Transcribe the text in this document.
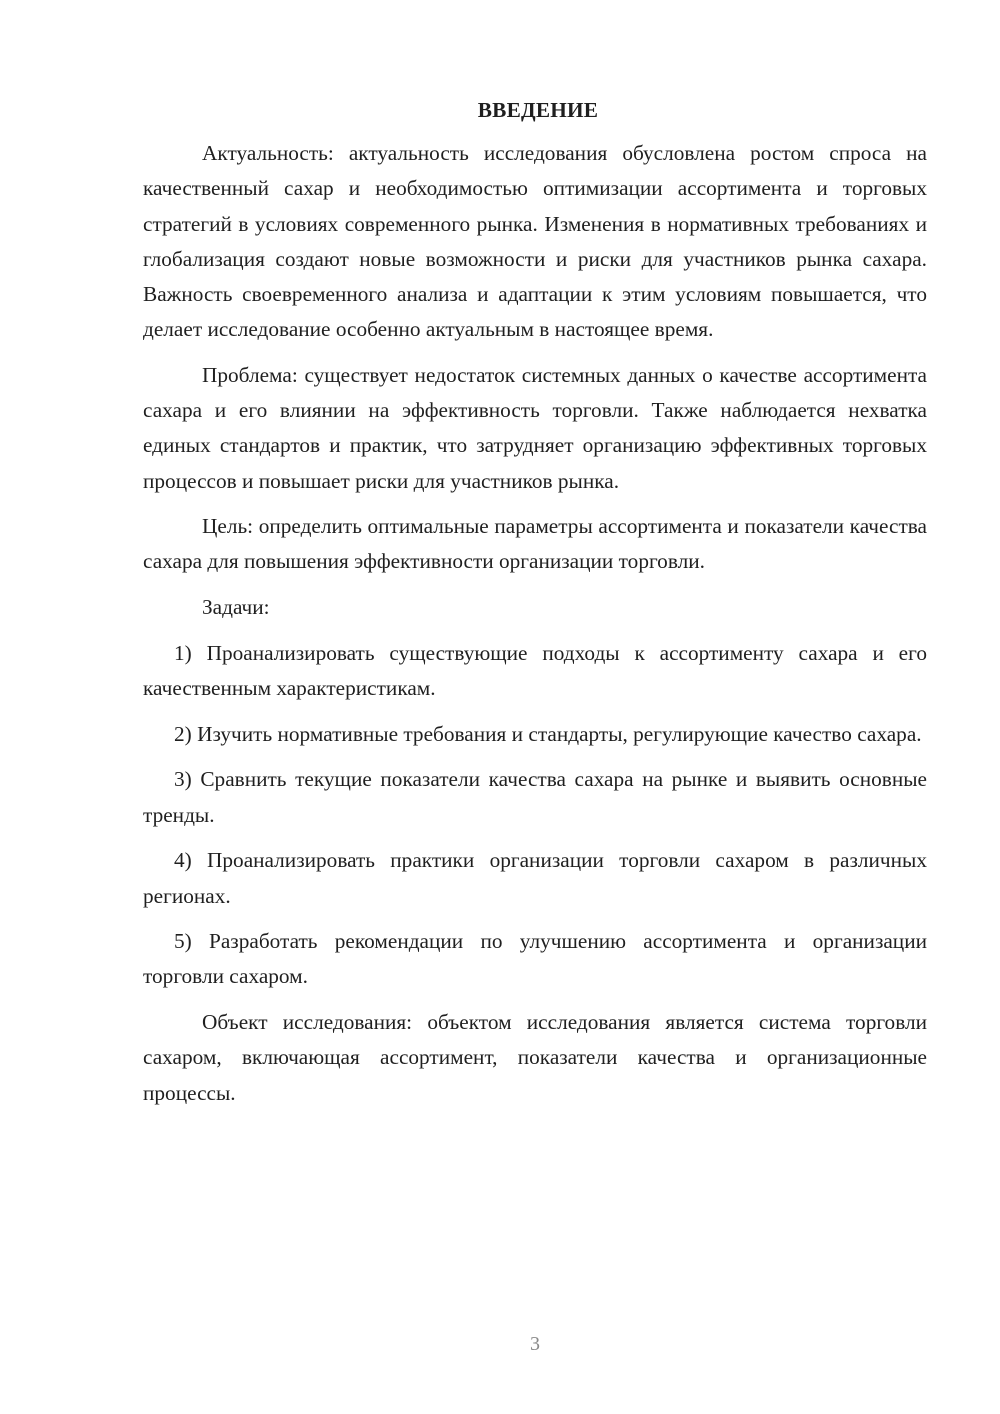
ВВЕДЕНИЕ

Актуальность: актуальность исследования обусловлена ростом спроса на качественный сахар и необходимостью оптимизации ассортимента и торговых стратегий в условиях современного рынка. Изменения в нормативных требованиях и глобализация создают новые возможности и риски для участников рынка сахара. Важность своевременного анализа и адаптации к этим условиям повышается, что делает исследование особенно актуальным в настоящее время.

Проблема: существует недостаток системных данных о качестве ассортимента сахара и его влиянии на эффективность торговли. Также наблюдается нехватка единых стандартов и практик, что затрудняет организацию эффективных торговых процессов и повышает риски для участников рынка.

Цель: определить оптимальные параметры ассортимента и показатели качества сахара для повышения эффективности организации торговли.

Задачи:

1) Проанализировать существующие подходы к ассортименту сахара и его качественным характеристикам.

2) Изучить нормативные требования и стандарты, регулирующие качество сахара.

3) Сравнить текущие показатели качества сахара на рынке и выявить основные тренды.

4) Проанализировать практики организации торговли сахаром в различных регионах.

5) Разработать рекомендации по улучшению ассортимента и организации торговли сахаром.

Объект исследования: объектом исследования является система торговли сахаром, включающая ассортимент, показатели качества и организационные процессы.

3
